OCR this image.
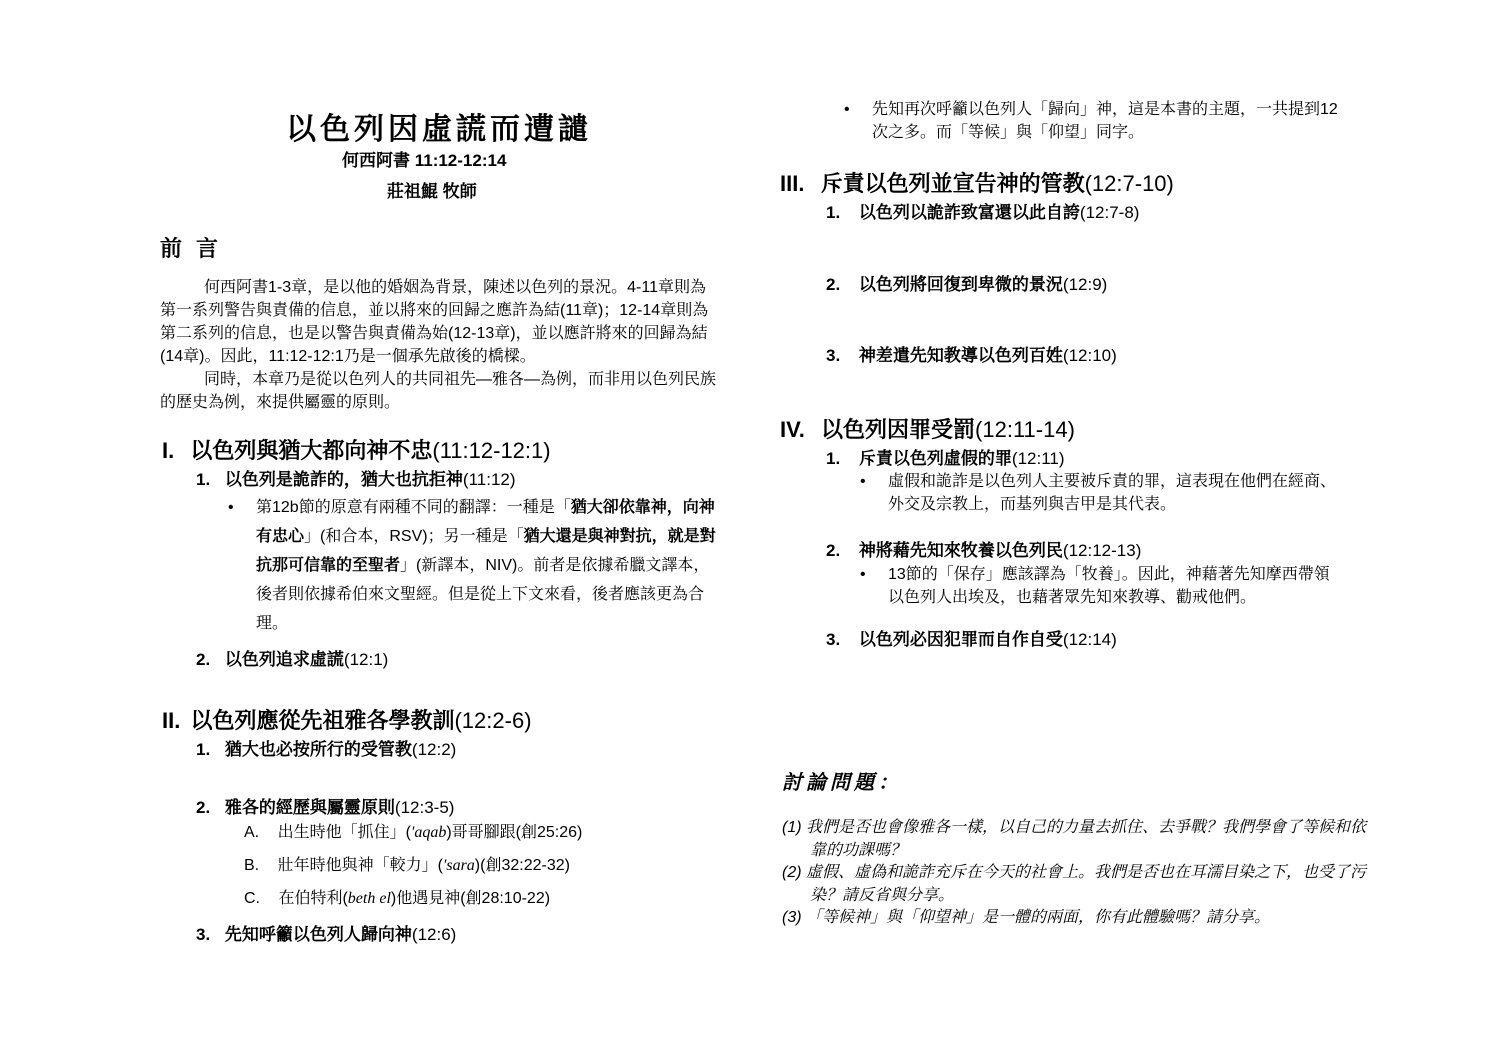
以色列因虛謊而遭譴
何西阿書 11:12-12:14
莊祖鯤 牧師
前言
何西阿書1-3章，是以他的婚姻為背景，陳述以色列的景況。4-11章則為第一系列警告與責備的信息，並以將來的回歸之應許為結(11章)；12-14章則為第二系列的信息，也是以警告與責備為始(12-13章)，並以應許將來的回歸為結(14章)。因此，11:12-12:1乃是一個承先啟後的橋樑。
同時，本章乃是從以色列人的共同祖先—雅各—為例，而非用以色列民族的歷史為例，來提供屬靈的原則。
I. 以色列與猶大都向神不忠(11:12-12:1)
1. 以色列是詭詐的，猶大也抗拒神(11:12)
• 第12b節的原意有兩種不同的翻譯：一種是「猶大卻依靠神，向神有忠心」(和合本，RSV)；另一種是「猶大還是與神對抗，就是對抗那可信靠的至聖者」(新譯本，NIV)。前者是依據希臘文譯本，後者則依據希伯來文聖經。但是從上下文來看，後者應該更為合理。
2. 以色列追求虛謊(12:1)
II. 以色列應從先祖雅各學教訓(12:2-6)
1. 猶大也必按所行的受管教(12:2)
2. 雅各的經歷與屬靈原則(12:3-5)
A. 出生時他「抓住」('aqab)哥哥腳跟(創25:26)
B. 壯年時他與神「較力」('sara)(創32:22-32)
C. 在伯特利(beth el)他遇見神(創28:10-22)
3. 先知呼籲以色列人歸向神(12:6)
• 先知再次呼籲以色列人「歸向」神，這是本書的主題，一共提到12次之多。而「等候」與「仰望」同字。
III. 斥責以色列並宣告神的管教(12:7-10)
1. 以色列以詭詐致富還以此自誇(12:7-8)
2. 以色列將回復到卑微的景況(12:9)
3. 神差遣先知教導以色列百姓(12:10)
IV. 以色列因罪受罰(12:11-14)
1. 斥責以色列虛假的罪(12:11)
• 虛假和詭詐是以色列人主要被斥責的罪，這表現在他們在經商、外交及宗教上，而基列與吉甲是其代表。
2. 神將藉先知來牧養以色列民(12:12-13)
• 13節的「保存」應該譯為「牧養」。因此，神藉著先知摩西帶領以色列人出埃及，也藉著眾先知來教導、勸戒他們。
3. 以色列必因犯罪而自作自受(12:14)
討論問題：
(1) 我們是否也會像雅各一樣，以自己的力量去抓住、去爭戰？我們學會了等候和依靠的功課嗎？
(2) 虛假、虛偽和詭詐充斥在今天的社會上。我們是否也在耳濡目染之下，也受了污染？請反省與分享。
(3) 「等候神」與「仰望神」是一體的兩面，你有此體驗嗎？請分享。
